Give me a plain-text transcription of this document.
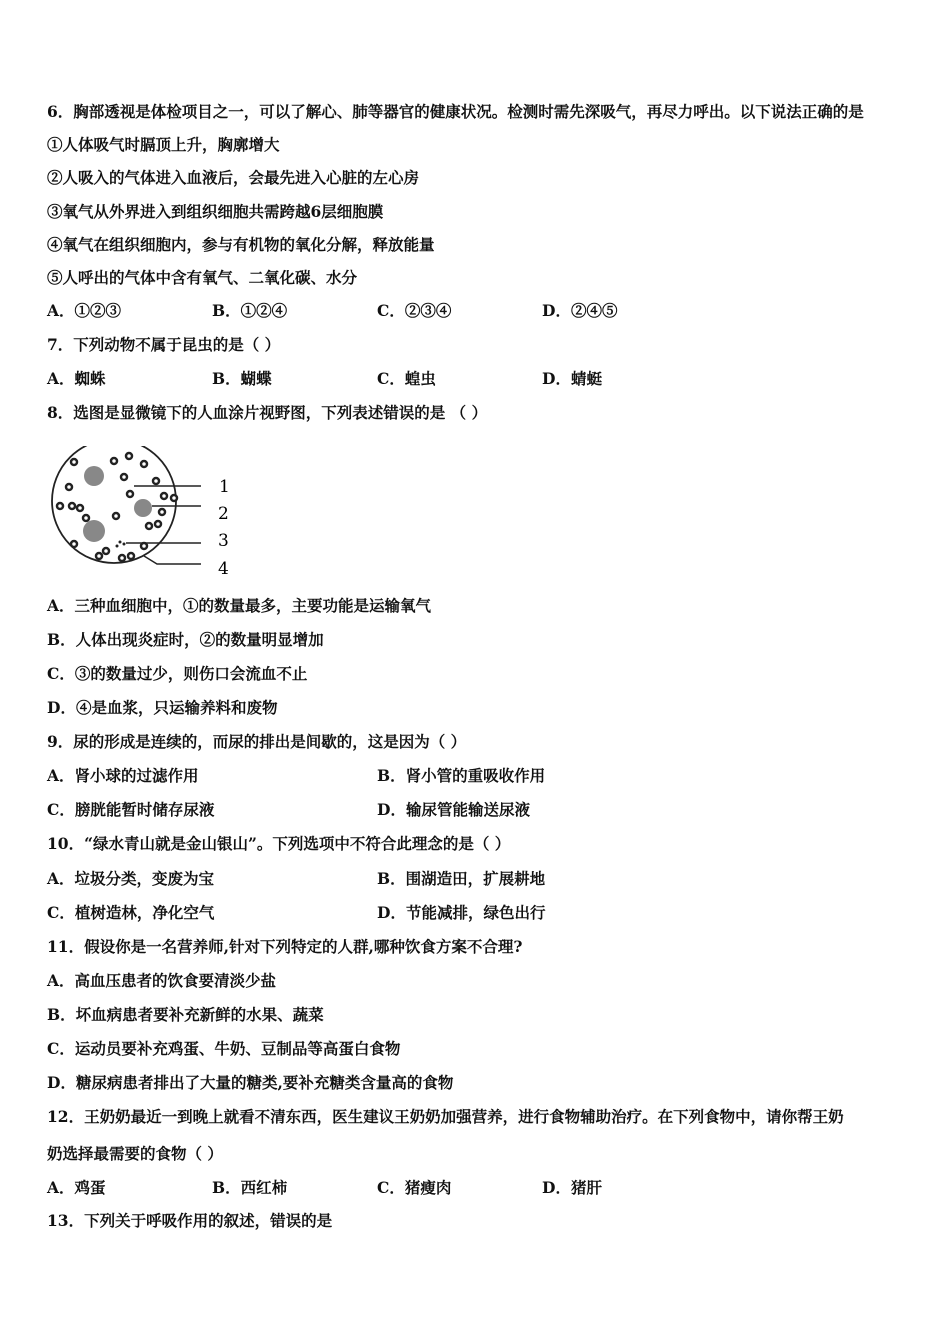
6．胸部透视是体检项目之一，可以了解心、肺等器官的健康状况。检测时需先深吸气，再尽力呼出。以下说法正确的是
①人体吸气时膈顶上升，胸廓增大
②人吸入的气体进入血液后，会最先进入心脏的左心房
③氧气从外界进入到组织细胞共需跨越6层细胞膜
④氧气在组织细胞内，参与有机物的氧化分解，释放能量
⑤人呼出的气体中含有氧气、二氧化碳、水分
A．①②③	B．①②④	C．②③④	D．②④⑤
7．下列动物不属于昆虫的是（ ）
A．蜘蛛	B．蝴蝶	C．蝗虫	D．蜻蜓
8．选图是显微镜下的人血涂片视野图，下列表述错误的是 （ ）
1
2
3
4
A．三种血细胞中，①的数量最多，主要功能是运输氧气
B．人体出现炎症时，②的数量明显增加
C．③的数量过少，则伤口会流血不止
D．④是血浆，只运输养料和废物
9．尿的形成是连续的，而尿的排出是间歇的，这是因为（ ）
A．肾小球的过滤作用	B．肾小管的重吸收作用
C．膀胱能暂时储存尿液	D．输尿管能输送尿液
10．“绿水青山就是金山银山”。下列选项中不符合此理念的是（ ）
A．垃圾分类，变废为宝	B．围湖造田，扩展耕地
C．植树造林，净化空气	D．节能减排，绿色出行
11．假设你是一名营养师,针对下列特定的人群,哪种饮食方案不合理?
A．高血压患者的饮食要清淡少盐
B．坏血病患者要补充新鲜的水果、蔬菜
C．运动员要补充鸡蛋、牛奶、豆制品等高蛋白食物
D．糖尿病患者排出了大量的糖类,要补充糖类含量高的食物
12．王奶奶最近一到晚上就看不清东西，医生建议王奶奶加强营养，进行食物辅助治疗。在下列食物中，请你帮王奶
奶选择最需要的食物（ ）
A．鸡蛋	B．西红柿	C．猪瘦肉	D．猪肝
13．下列关于呼吸作用的叙述，错误的是
